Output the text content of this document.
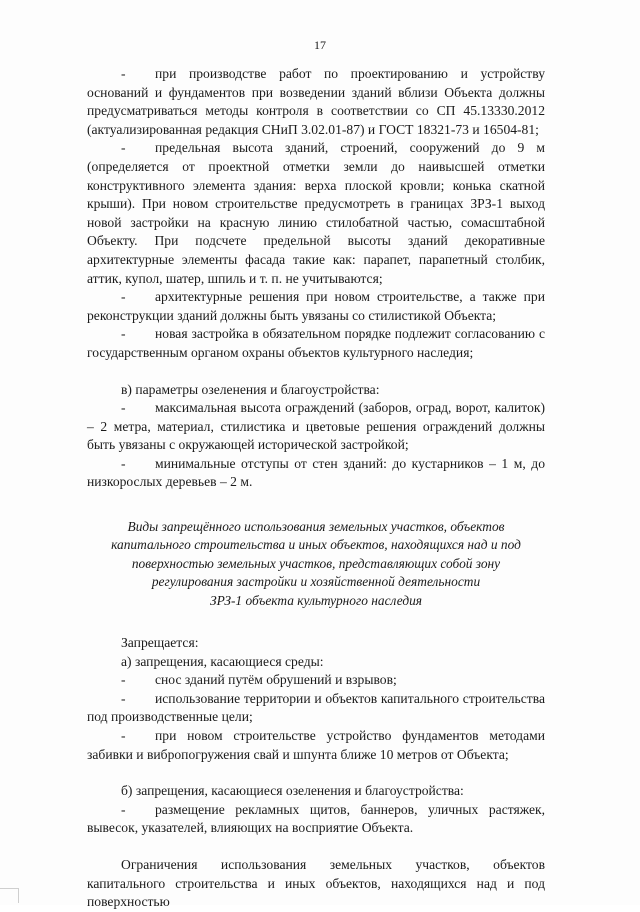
17

- при производстве работ по проектированию и устройству оснований и фундаментов при возведении зданий вблизи Объекта должны предусматриваться методы контроля в соответствии со СП 45.13330.2012 (актуализированная редакция СНиП 3.02.01-87) и ГОСТ 18321-73 и 16504-81;

- предельная высота зданий, строений, сооружений до 9 м (определяется от проектной отметки земли до наивысшей отметки конструктивного элемента здания: верха плоской кровли; конька скатной крыши). При новом строительстве предусмотреть в границах ЗРЗ-1 выход новой застройки на красную линию стилобатной частью, сомасштабной Объекту. При подсчете предельной высоты зданий декоративные архитектурные элементы фасада такие как: парапет, парапетный столбик, аттик, купол, шатер, шпиль и т. п. не учитываются;

- архитектурные решения при новом строительстве, а также при реконструкции зданий должны быть увязаны со стилистикой Объекта;

- новая застройка в обязательном порядке подлежит согласованию с государственным органом охраны объектов культурного наследия;

в) параметры озеленения и благоустройства:

- максимальная высота ограждений (заборов, оград, ворот, калиток) – 2 метра, материал, стилистика и цветовые решения ограждений должны быть увязаны с окружающей исторической застройкой;

- минимальные отступы от стен зданий: до кустарников – 1 м, до низкорослых деревьев – 2 м.

Виды запрещённого использования земельных участков, объектов
капитального строительства и иных объектов, находящихся над и под
поверхностью земельных участков, представляющих собой зону
регулирования застройки и хозяйственной деятельности
ЗРЗ-1 объекта культурного наследия

Запрещается:

а) запрещения, касающиеся среды:

- снос зданий путём обрушений и взрывов;

- использование территории и объектов капитального строительства под производственные цели;

- при новом строительстве устройство фундаментов методами забивки и вибропогружения свай и шпунта ближе 10 метров от Объекта;

б) запрещения, касающиеся озеленения и благоустройства:

- размещение рекламных щитов, баннеров, уличных растяжек, вывесок, указателей, влияющих на восприятие Объекта.

Ограничения использования земельных участков, объектов капитального строительства и иных объектов, находящихся над и под поверхностью
